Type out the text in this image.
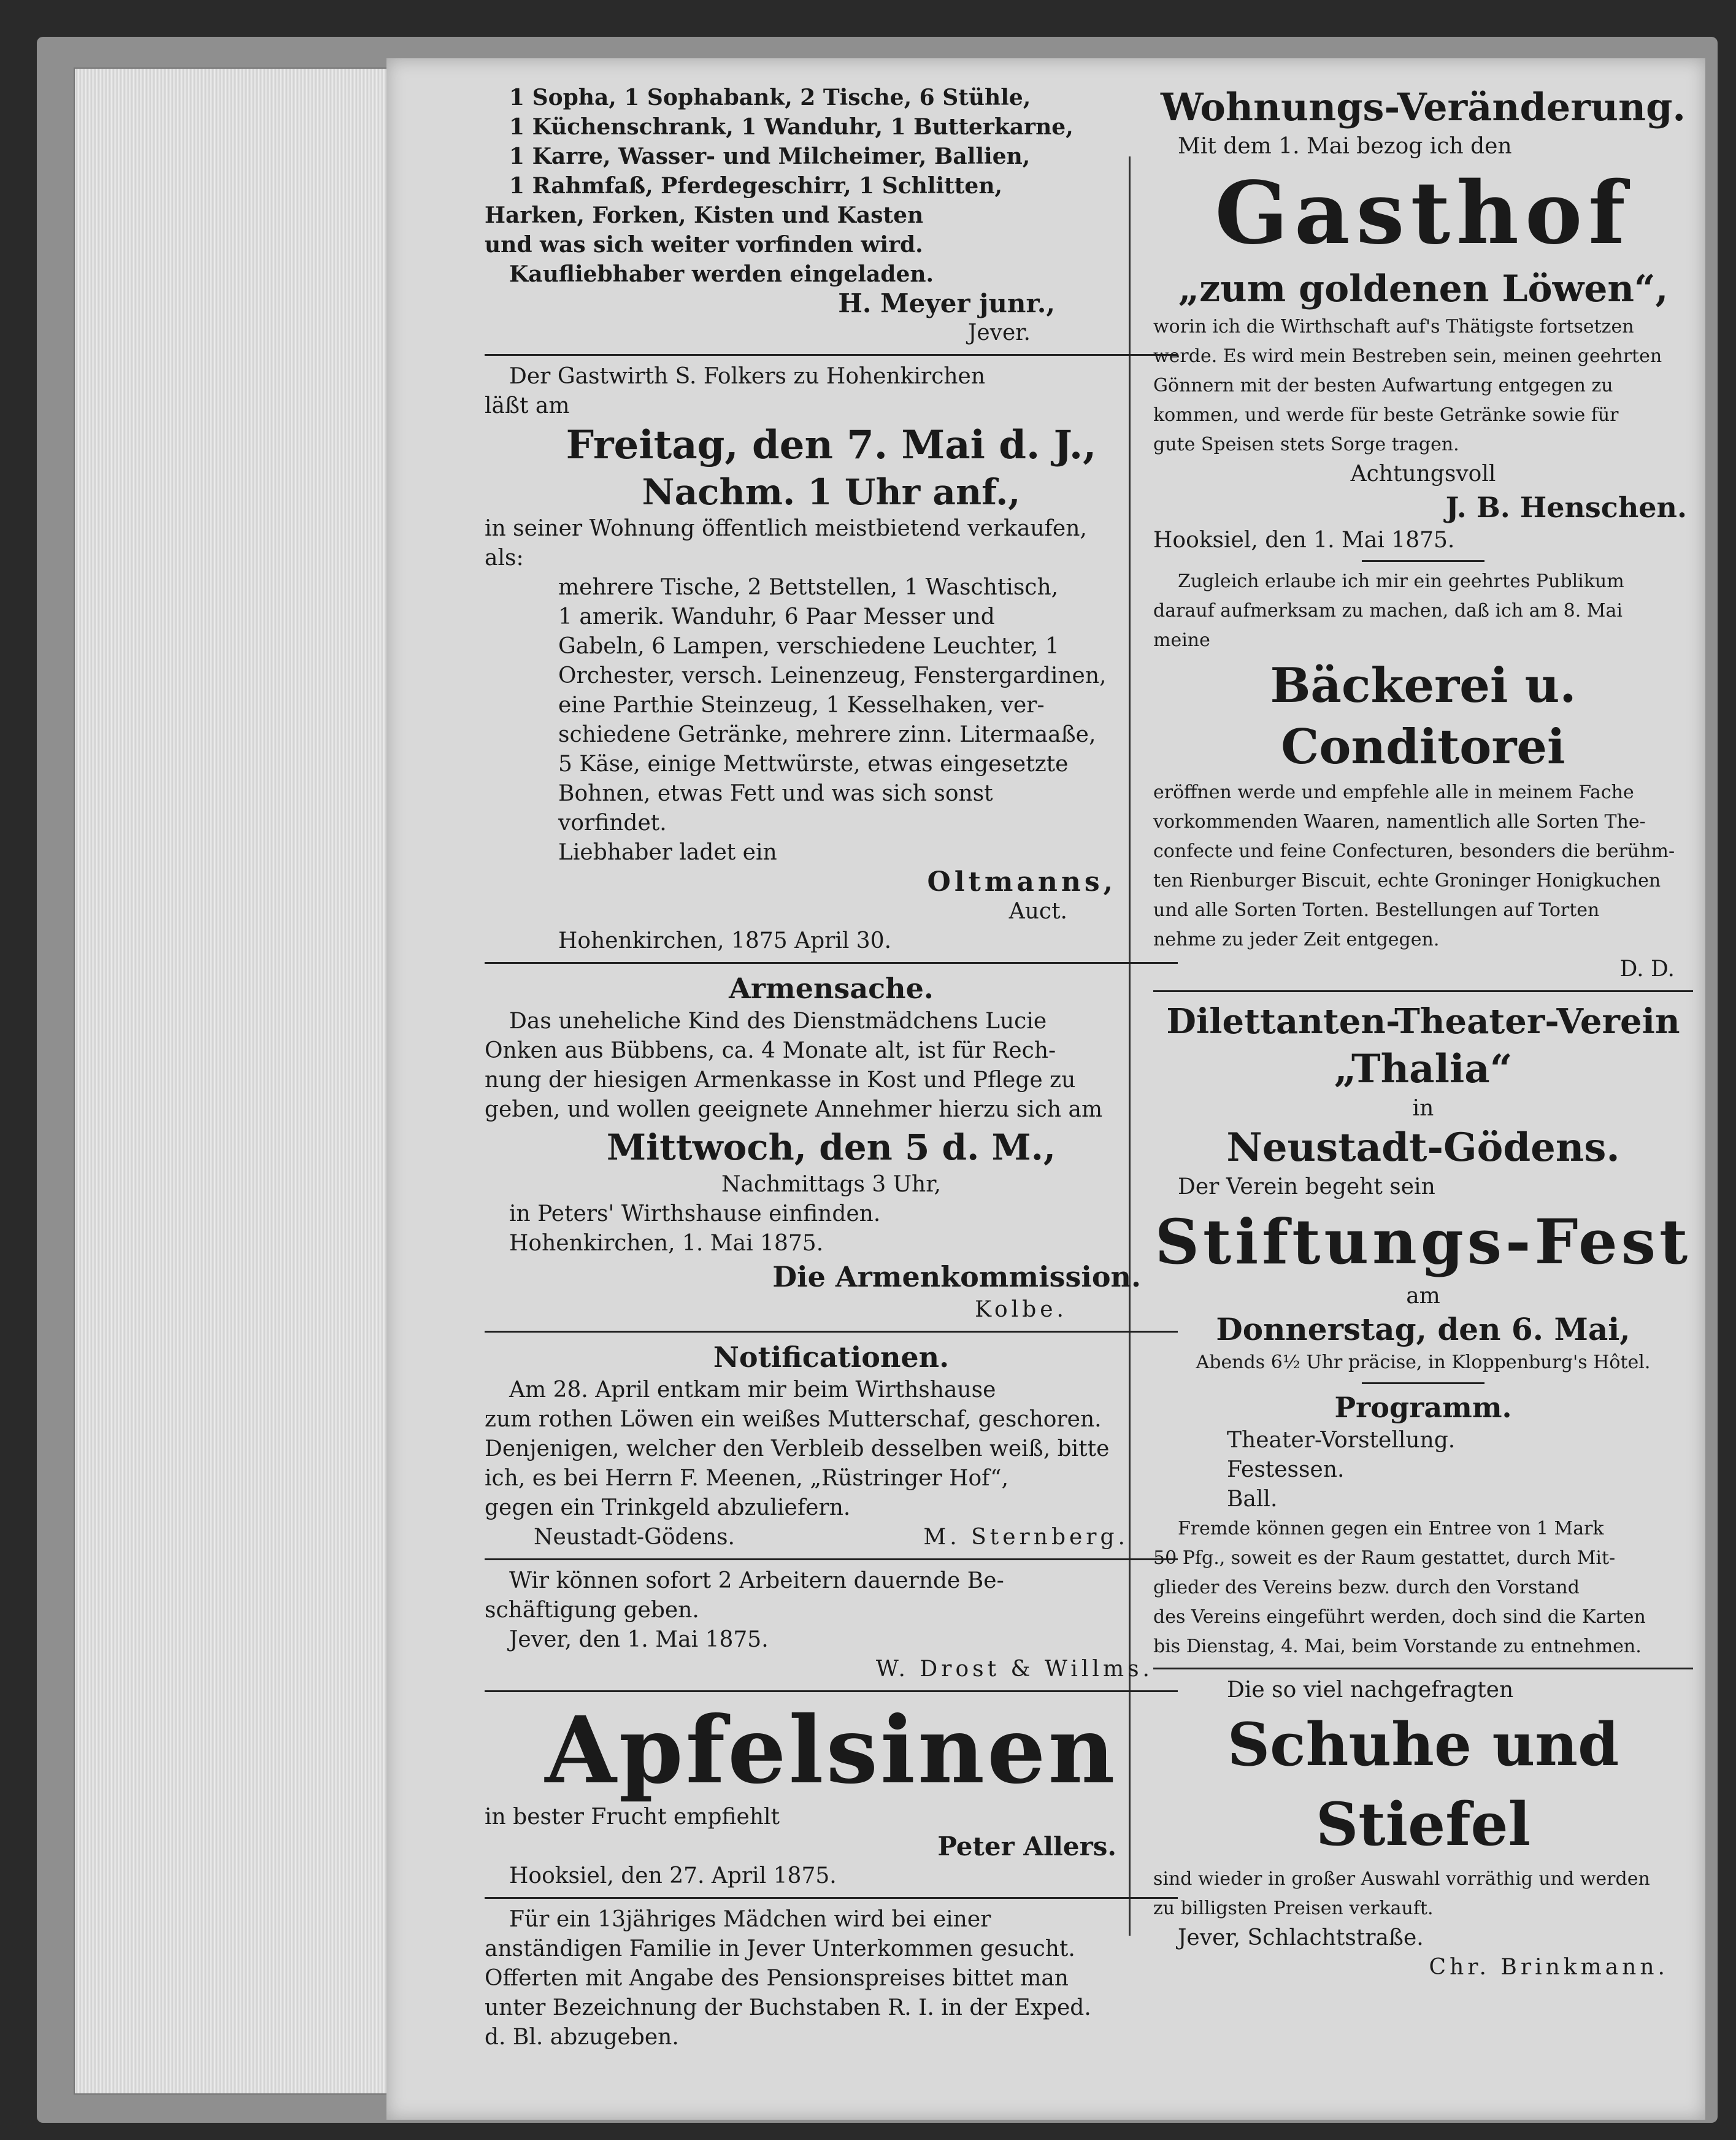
1 Sopha, 1 Sophabank, 2 Tische, 6 Stühle,
1 Küchenschrank, 1 Wanduhr, 1 Butterkarne,
1 Karre, Wasser- und Milcheimer, Ballien,
1 Rahmfaß, Pferdegeschirr, 1 Schlitten,
Harken, Forken, Kisten und Kasten
und was sich weiter vorfinden wird.
Kaufliebhaber werden eingeladen.
H. Meyer junr.,
Jever.
Der Gastwirth S. Folkers zu Hohenkirchen
läßt am
Freitag, den 7. Mai d. J.,
Nachm. 1 Uhr anf.,
in seiner Wohnung öffentlich meistbietend verkaufen,
als:
mehrere Tische, 2 Bettstellen, 1 Waschtisch,
1 amerik. Wanduhr, 6 Paar Messer und
Gabeln, 6 Lampen, verschiedene Leuchter, 1
Orchester, versch. Leinenzeug, Fenstergardinen,
eine Parthie Steinzeug, 1 Kesselhaken, ver-
schiedene Getränke, mehrere zinn. Litermaaße,
5 Käse, einige Mettwürste, etwas eingesetzte
Bohnen, etwas Fett und was sich sonst
vorfindet.
Liebhaber ladet ein
Oltmanns,
Auct.
Hohenkirchen, 1875 April 30.
Armensache.
Das uneheliche Kind des Dienstmädchens Lucie
Onken aus Bübbens, ca. 4 Monate alt, ist für Rech-
nung der hiesigen Armenkasse in Kost und Pflege zu
geben, und wollen geeignete Annehmer hierzu sich am
Mittwoch, den 5 d. M.,
Nachmittags 3 Uhr,
in Peters' Wirthshause einfinden.
Hohenkirchen, 1. Mai 1875.
Die Armenkommission.
Kolbe.
Notificationen.
Am 28. April entkam mir beim Wirthshause
zum rothen Löwen ein weißes Mutterschaf, geschoren.
Denjenigen, welcher den Verbleib desselben weiß, bitte
ich, es bei Herrn F. Meenen, „Rüstringer Hof“,
gegen ein Trinkgeld abzuliefern.
Neustadt-Gödens.	M. Sternberg.
Wir können sofort 2 Arbeitern dauernde Be-
schäftigung geben.
Jever, den 1. Mai 1875.
W. Drost & Willms.
Apfelsinen
in bester Frucht empfiehlt
Peter Allers.
Hooksiel, den 27. April 1875.
Für ein 13jähriges Mädchen wird bei einer
anständigen Familie in Jever Unterkommen gesucht.
Offerten mit Angabe des Pensionspreises bittet man
unter Bezeichnung der Buchstaben R. I. in der Exped.
d. Bl. abzugeben.
Wohnungs-Veränderung.
Mit dem 1. Mai bezog ich den
Gasthof
„zum goldenen Löwen“,
worin ich die Wirthschaft auf's Thätigste fortsetzen
werde. Es wird mein Bestreben sein, meinen geehrten
Gönnern mit der besten Aufwartung entgegen zu
kommen, und werde für beste Getränke sowie für
gute Speisen stets Sorge tragen.
Achtungsvoll
J. B. Henschen.
Hooksiel, den 1. Mai 1875.
Zugleich erlaube ich mir ein geehrtes Publikum
darauf aufmerksam zu machen, daß ich am 8. Mai
meine
Bäckerei u. Conditorei
eröffnen werde und empfehle alle in meinem Fache
vorkommenden Waaren, namentlich alle Sorten The-
confecte und feine Confecturen, besonders die berühm-
ten Rienburger Biscuit, echte Groninger Honigkuchen
und alle Sorten Torten. Bestellungen auf Torten
nehme zu jeder Zeit entgegen.
D. D.
Dilettanten-Theater-Verein
„Thalia“
in
Neustadt-Gödens.
Der Verein begeht sein
Stiftungs-Fest
am
Donnerstag, den 6. Mai,
Abends 6½ Uhr präcise, in Kloppenburg's Hôtel.
Programm.
Theater-Vorstellung.
Festessen.
Ball.
Fremde können gegen ein Entree von 1 Mark
50 Pfg., soweit es der Raum gestattet, durch Mit-
glieder des Vereins bezw. durch den Vorstand
des Vereins eingeführt werden, doch sind die Karten
bis Dienstag, 4. Mai, beim Vorstande zu entnehmen.
Die so viel nachgefragten
Schuhe und Stiefel
sind wieder in großer Auswahl vorräthig und werden
zu billigsten Preisen verkauft.
Jever, Schlachtstraße.
Chr. Brinkmann.
